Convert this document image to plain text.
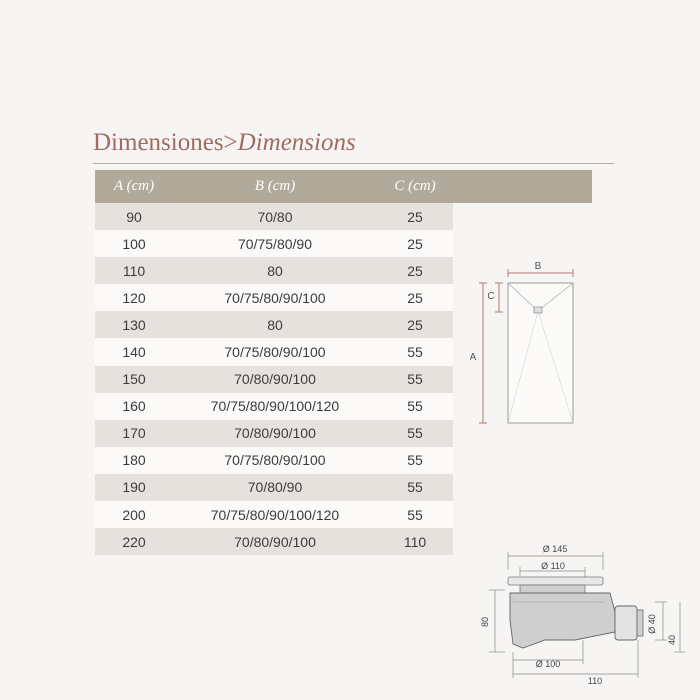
Dimensiones>Dimensions
A (cm)	B (cm)	C (cm)
90	70/80	25
100	70/75/80/90	25
110	80	25
120	70/75/80/90/100	25
130	80	25
140	70/75/80/90/100	55
150	70/80/90/100	55
160	70/75/80/90/100/120	55
170	70/80/90/100	55
180	70/75/80/90/100	55
190	70/80/90	55
200	70/75/80/90/100/120	55
220	70/80/90/100	110
B
C
A
Ø 145
Ø 110
80	Ø 40
40
Ø 100
110
